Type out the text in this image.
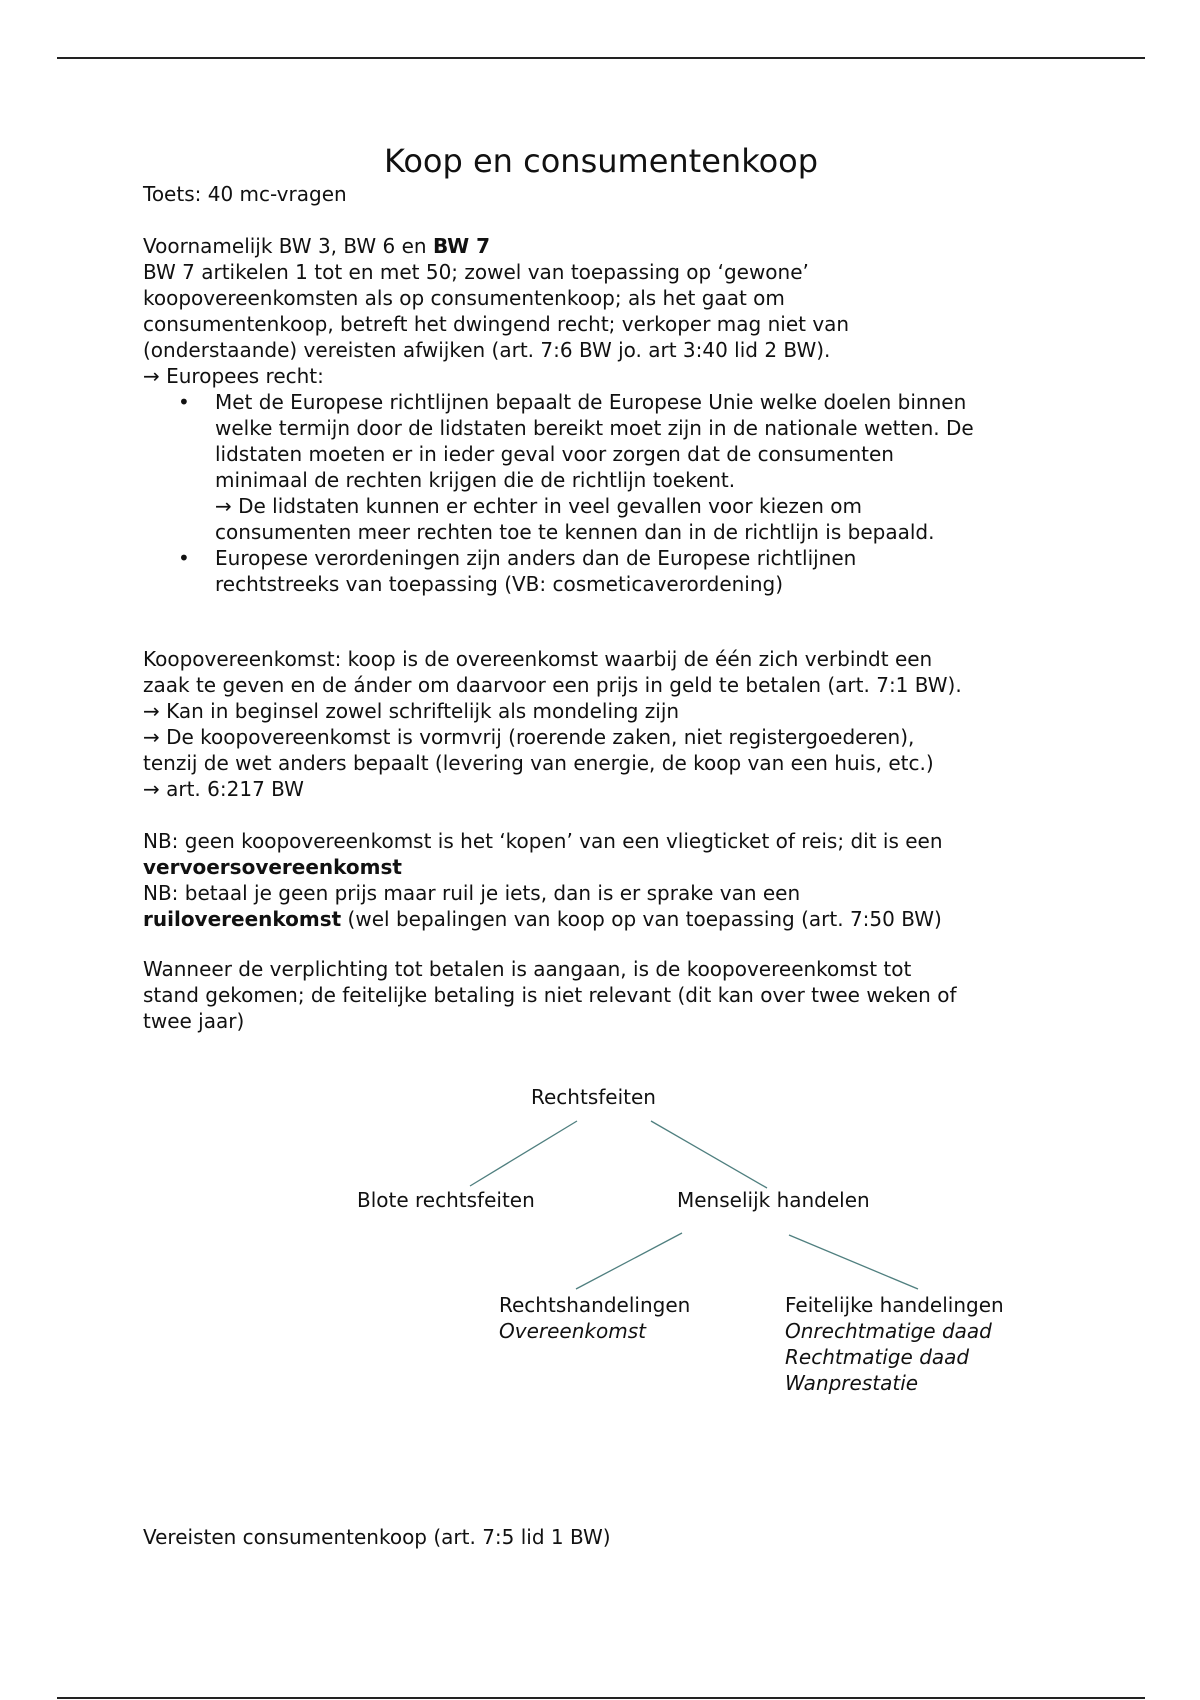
Koop en consumentenkoop

Toets: 40 mc-vragen

Voornamelijk BW 3, BW 6 en BW 7

BW 7 artikelen 1 tot en met 50; zowel van toepassing op ‘gewone’

koopovereenkomsten als op consumentenkoop; als het gaat om

consumentenkoop, betreft het dwingend recht; verkoper mag niet van

(onderstaande) vereisten afwijken (art. 7:6 BW jo. art 3:40 lid 2 BW).

→ Europees recht:

• Met de Europese richtlijnen bepaalt de Europese Unie welke doelen binnen

welke termijn door de lidstaten bereikt moet zijn in de nationale wetten. De

lidstaten moeten er in ieder geval voor zorgen dat de consumenten

minimaal de rechten krijgen die de richtlijn toekent.

→ De lidstaten kunnen er echter in veel gevallen voor kiezen om

consumenten meer rechten toe te kennen dan in de richtlijn is bepaald.

• Europese verordeningen zijn anders dan de Europese richtlijnen

rechtstreeks van toepassing (VB: cosmeticaverordening)

Koopovereenkomst: koop is de overeenkomst waarbij de één zich verbindt een

zaak te geven en de ánder om daarvoor een prijs in geld te betalen (art. 7:1 BW).

→ Kan in beginsel zowel schriftelijk als mondeling zijn

→ De koopovereenkomst is vormvrij (roerende zaken, niet registergoederen),

tenzij de wet anders bepaalt (levering van energie, de koop van een huis, etc.)

→ art. 6:217 BW

NB: geen koopovereenkomst is het ‘kopen’ van een vliegticket of reis; dit is een

vervoersovereenkomst

NB: betaal je geen prijs maar ruil je iets, dan is er sprake van een

ruilovereenkomst (wel bepalingen van koop op van toepassing (art. 7:50 BW)

Wanneer de verplichting tot betalen is aangaan, is de koopovereenkomst tot

stand gekomen; de feitelijke betaling is niet relevant (dit kan over twee weken of

twee jaar)

Rechtsfeiten
Blote rechtsfeiten	Menselijk handelen
Rechtshandelingen
Overeenkomst
Feitelijke handelingen
Onrechtmatige daad
Rechtmatige daad
Wanprestatie

Vereisten consumentenkoop (art. 7:5 lid 1 BW)
